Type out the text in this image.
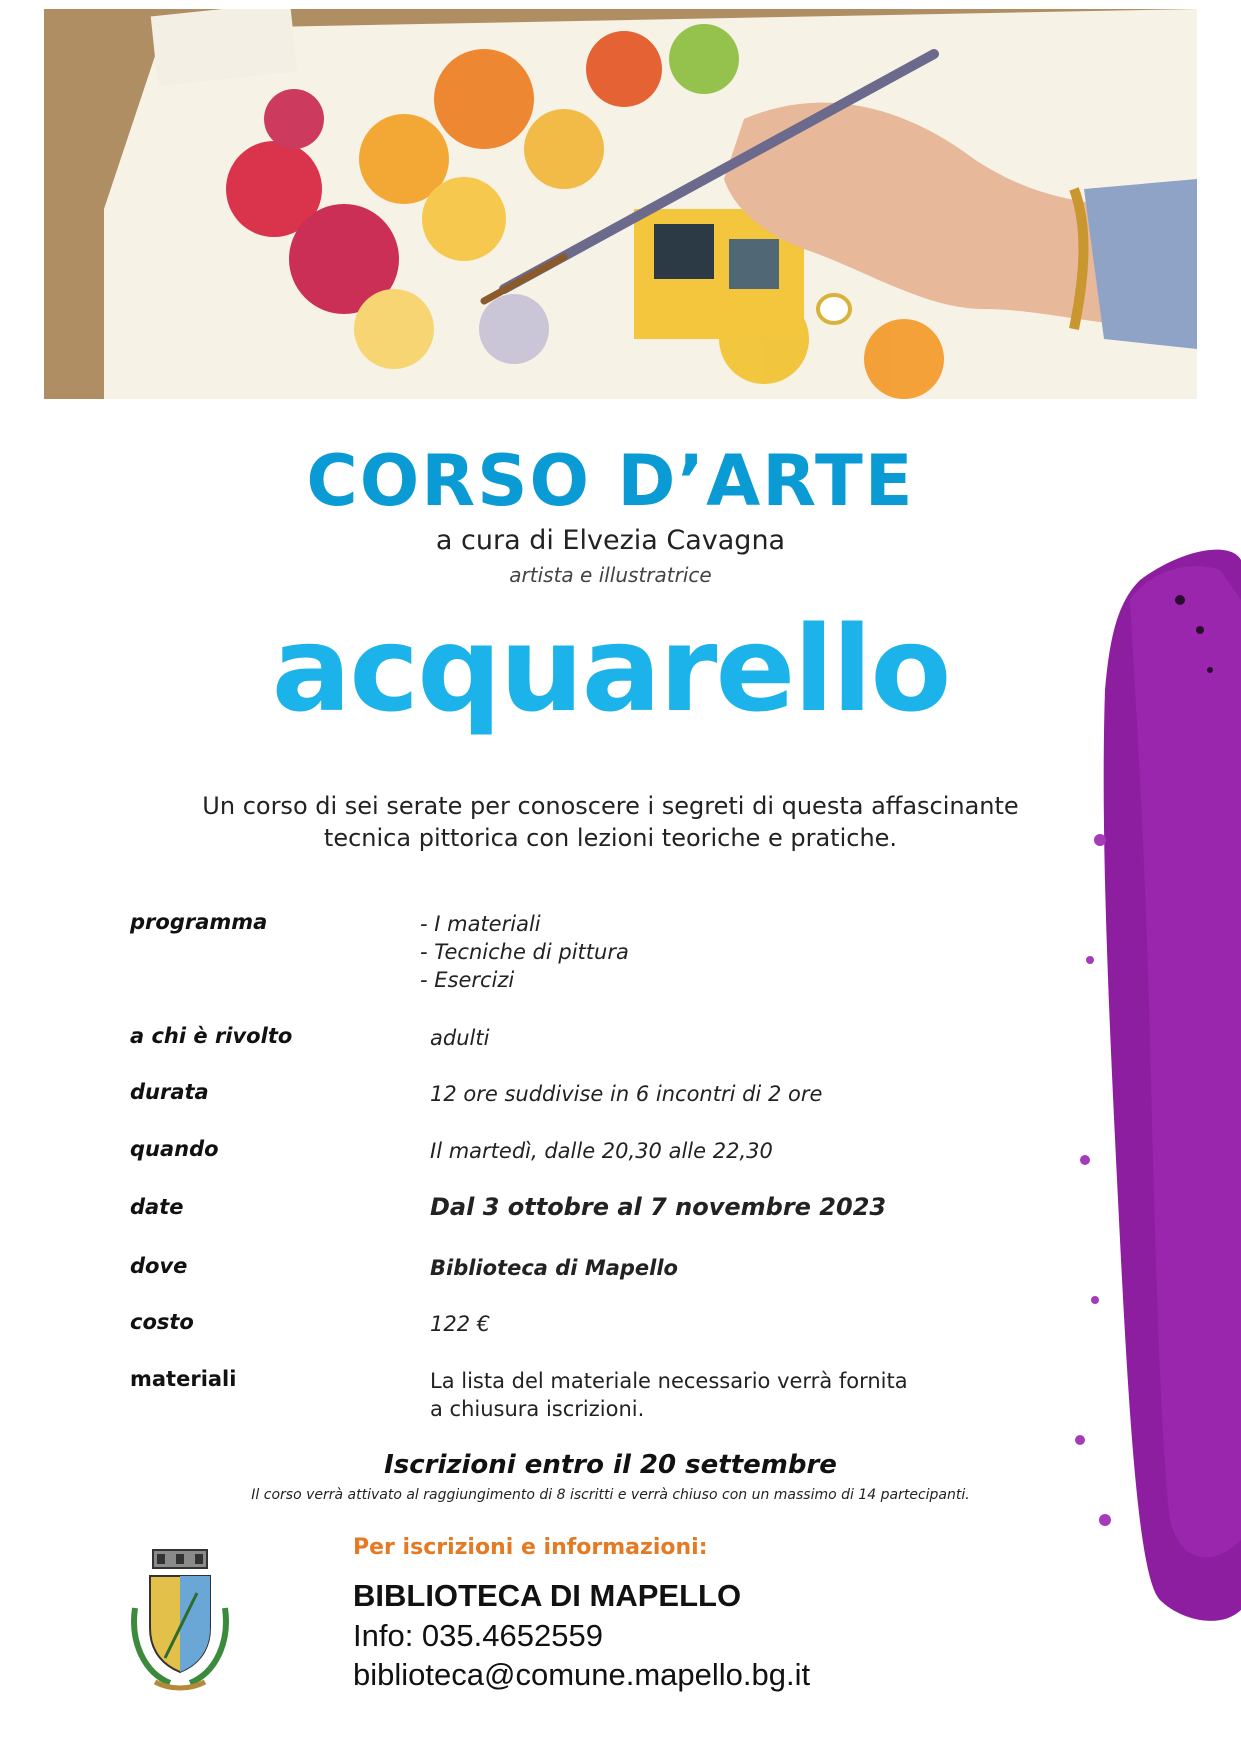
CORSO D’ARTE
a cura di Elvezia Cavagna
artista e illustratrice
acquarello
Un corso di sei serate per conoscere i segreti di questa affascinante
tecnica pittorica con lezioni teoriche e pratiche.
programma	- I materiali
- Tecniche di pittura
- Esercizi
a chi è rivolto	adulti
durata	12 ore suddivise in 6 incontri di 2 ore
quando	Il martedì, dalle 20,30 alle 22,30
date	Dal 3 ottobre al 7 novembre 2023
dove	Biblioteca di Mapello
costo	122 €
materiali	La lista del materiale necessario verrà fornita
a chiusura iscrizioni.
Iscrizioni entro il 20 settembre
Il corso verrà attivato al raggiungimento di 8 iscritti e verrà chiuso con un massimo di 14 partecipanti.
Per iscrizioni e informazioni:
BIBLIOTECA DI MAPELLO
Info: 035.4652559
biblioteca@comune.mapello.bg.it
